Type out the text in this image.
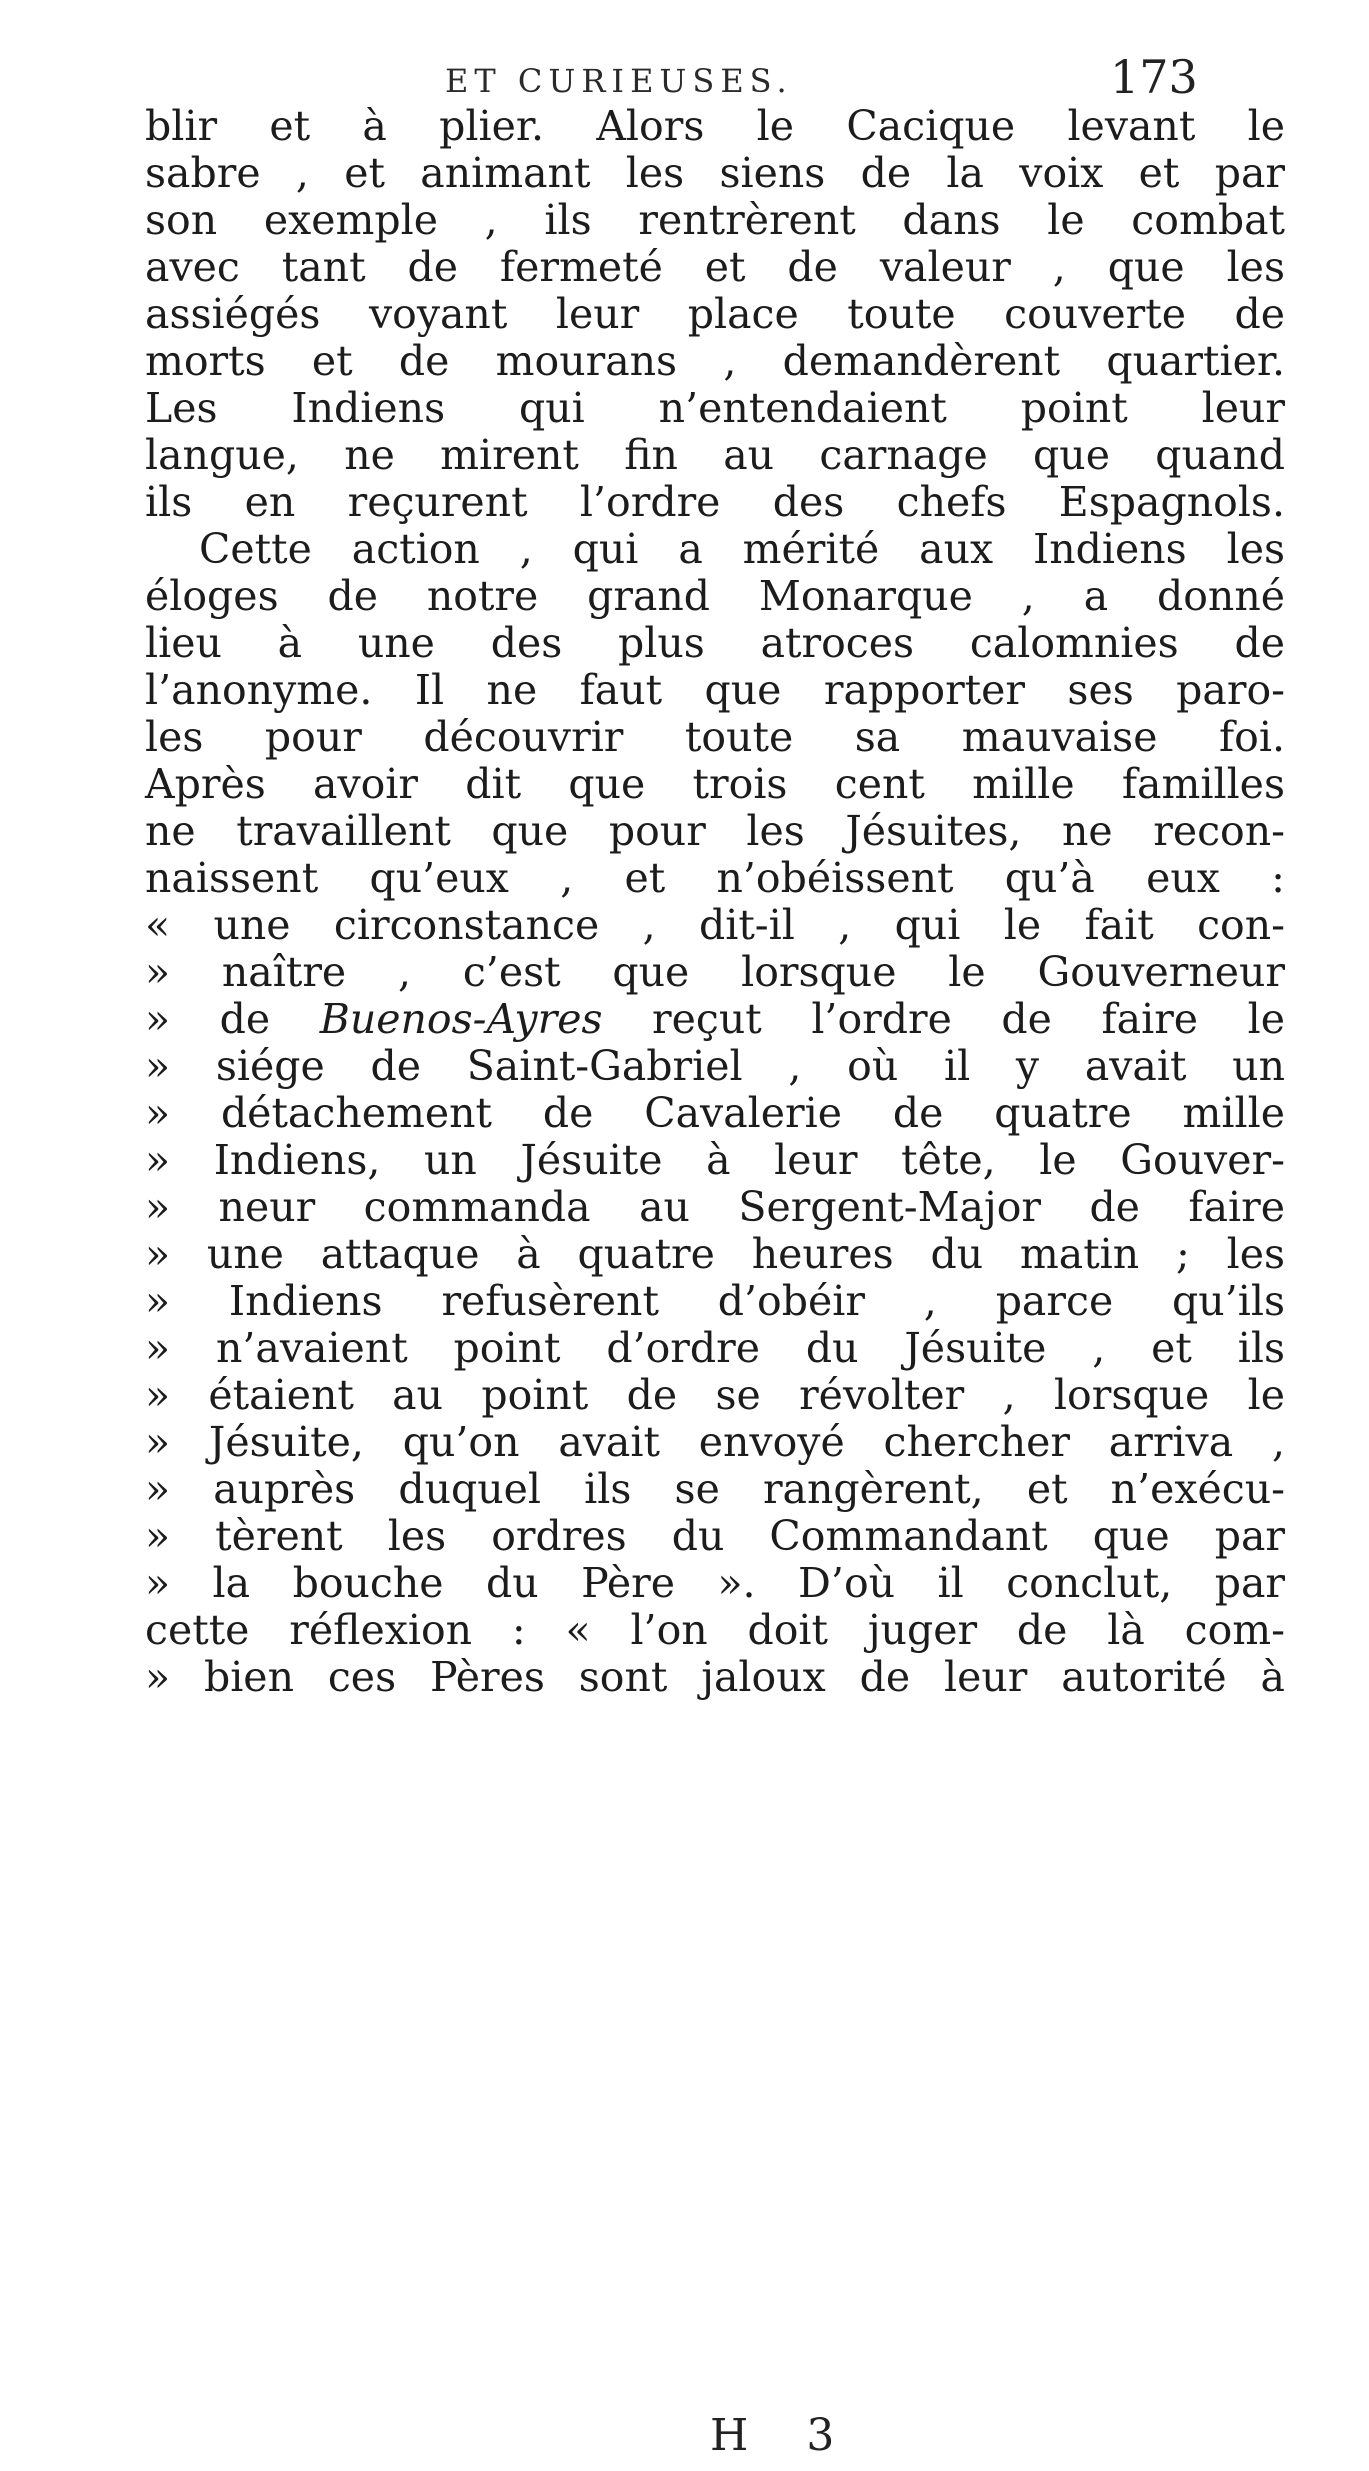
ET CURIEUSES.	173
blir et à plier. Alors le Cacique levant le
sabre , et animant les siens de la voix et par
son exemple , ils rentrèrent dans le combat
avec tant de fermeté et de valeur , que les
assiégés voyant leur place toute couverte de
morts et de mourans , demandèrent quartier.
Les Indiens qui n’entendaient point leur
langue, ne mirent fin au carnage que quand
ils en reçurent l’ordre des chefs Espagnols.
Cette action , qui a mérité aux Indiens les
éloges de notre grand Monarque , a donné
lieu à une des plus atroces calomnies de
l’anonyme. Il ne faut que rapporter ses paro-
les pour découvrir toute sa mauvaise foi.
Après avoir dit que trois cent mille familles
ne travaillent que pour les Jésuites, ne recon-
naissent qu’eux , et n’obéissent qu’à eux :
« une circonstance , dit-il , qui le fait con-
» naître , c’est que lorsque le Gouverneur
» de Buenos-Ayres reçut l’ordre de faire le
» siége de Saint-Gabriel , où il y avait un
» détachement de Cavalerie de quatre mille
» Indiens, un Jésuite à leur tête, le Gouver-
» neur commanda au Sergent-Major de faire
» une attaque à quatre heures du matin ; les
» Indiens refusèrent d’obéir , parce qu’ils
» n’avaient point d’ordre du Jésuite , et ils
» étaient au point de se révolter , lorsque le
» Jésuite, qu’on avait envoyé chercher arriva ,
» auprès duquel ils se rangèrent, et n’exécu-
» tèrent les ordres du Commandant que par
» la bouche du Père ». D’où il conclut, par
cette réflexion : « l’on doit juger de là com-
» bien ces Pères sont jaloux de leur autorité à
H 3
